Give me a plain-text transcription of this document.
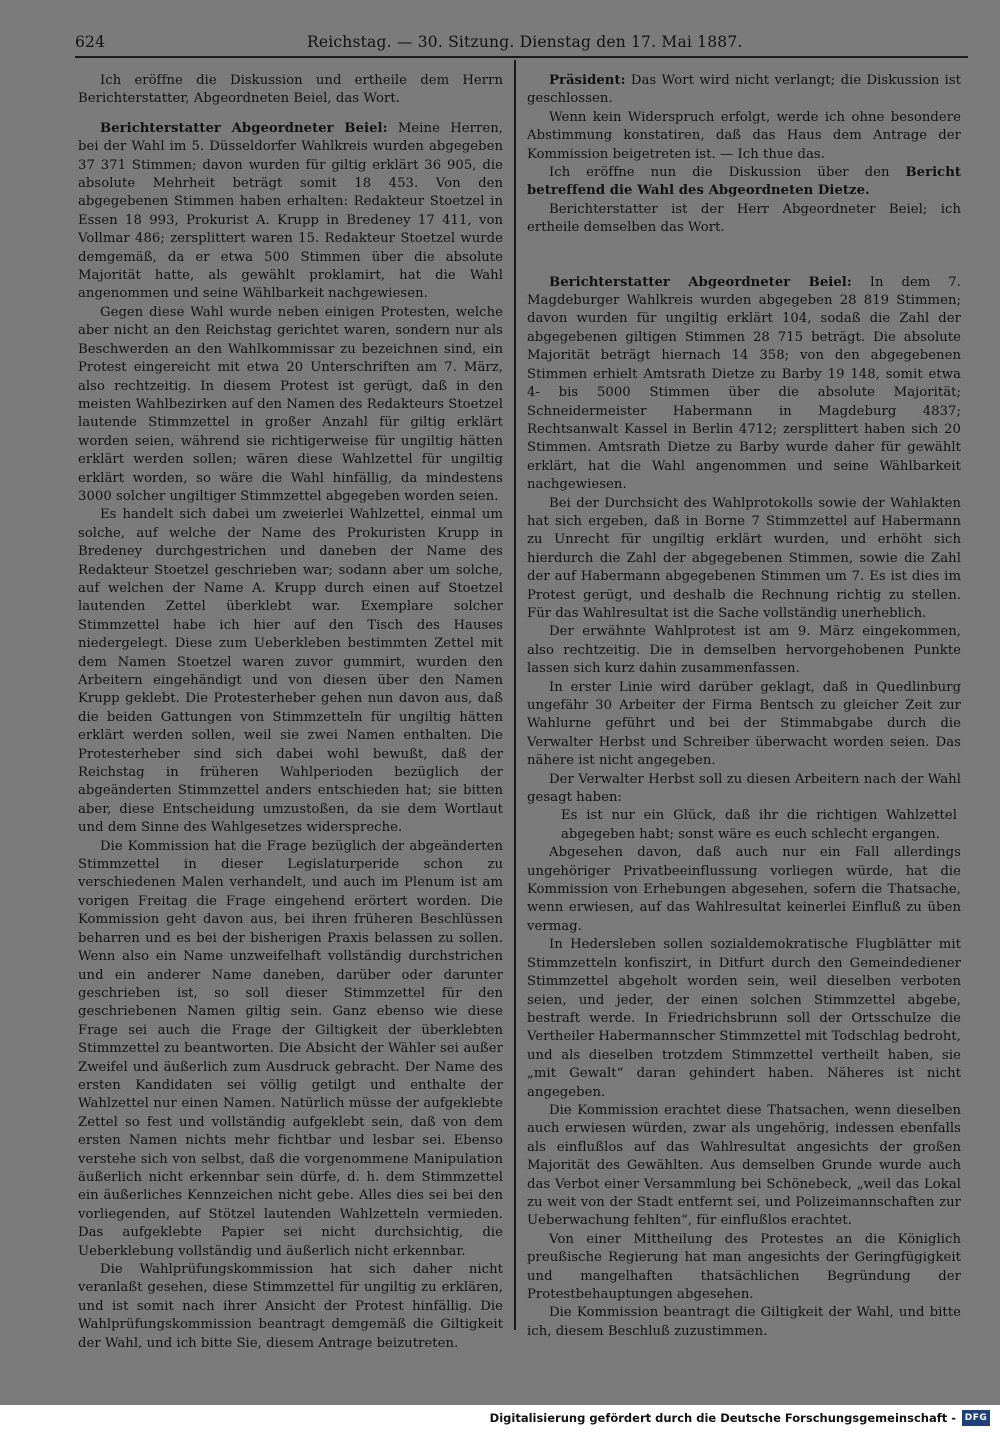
624	Reichstag. — 30. Sitzung. Dienstag den 17. Mai 1887.

Ich eröffne die Diskussion und ertheile dem Herrn Berichterstatter, Abgeordneten Beiel, das Wort.

Berichterstatter Abgeordneter Beiel: Meine Herren, bei der Wahl im 5. Düsseldorfer Wahlkreis wurden abgegeben 37 371 Stimmen; davon wurden für giltig erklärt 36 905, die absolute Mehrheit beträgt somit 18 453. Von den abgegebenen Stimmen haben erhalten: Redakteur Stoetzel in Essen 18 993, Prokurist A. Krupp in Bredeney 17 411, von Vollmar 486; zersplittert waren 15. Redakteur Stoetzel wurde demgemäß, da er etwa 500 Stimmen über die absolute Majorität hatte, als gewählt proklamirt, hat die Wahl angenommen und seine Wählbarkeit nachgewiesen.

Gegen diese Wahl wurde neben einigen Protesten, welche aber nicht an den Reichstag gerichtet waren, sondern nur als Beschwerden an den Wahlkommissar zu bezeichnen sind, ein Protest eingereicht mit etwa 20 Unterschriften am 7. März, also rechtzeitig. In diesem Protest ist gerügt, daß in den meisten Wahlbezirken auf den Namen des Redakteurs Stoetzel lautende Stimmzettel in großer Anzahl für giltig erklärt worden seien, während sie richtigerweise für ungiltig hätten erklärt werden sollen; wären diese Wahlzettel für ungiltig erklärt worden, so wäre die Wahl hinfällig, da mindestens 3000 solcher ungiltiger Stimmzettel abgegeben worden seien.

Es handelt sich dabei um zweierlei Wahlzettel, einmal um solche, auf welche der Name des Prokuristen Krupp in Bredeney durchgestrichen und daneben der Name des Redakteur Stoetzel geschrieben war; sodann aber um solche, auf welchen der Name A. Krupp durch einen auf Stoetzel lautenden Zettel überklebt war. Exemplare solcher Stimmzettel habe ich hier auf den Tisch des Hauses niedergelegt. Diese zum Ueberkleben bestimmten Zettel mit dem Namen Stoetzel waren zuvor gummirt, wurden den Arbeitern eingehändigt und von diesen über den Namen Krupp geklebt. Die Protesterheber gehen nun davon aus, daß die beiden Gattungen von Stimmzetteln für ungiltig hätten erklärt werden sollen, weil sie zwei Namen enthalten. Die Protesterheber sind sich dabei wohl bewußt, daß der Reichstag in früheren Wahlperioden bezüglich der abgeänderten Stimmzettel anders entschieden hat; sie bitten aber, diese Entscheidung umzustoßen, da sie dem Wortlaut und dem Sinne des Wahlgesetzes widerspreche.

Die Kommission hat die Frage bezüglich der abgeänderten Stimmzettel in dieser Legislaturperide schon zu verschiedenen Malen verhandelt, und auch im Plenum ist am vorigen Freitag die Frage eingehend erörtert worden. Die Kommission geht davon aus, bei ihren früheren Beschlüssen beharren und es bei der bisherigen Praxis belassen zu sollen. Wenn also ein Name unzweifelhaft vollständig durchstrichen und ein anderer Name daneben, darüber oder darunter geschrieben ist, so soll dieser Stimmzettel für den geschriebenen Namen giltig sein. Ganz ebenso wie diese Frage sei auch die Frage der Giltigkeit der überklebten Stimmzettel zu beantworten. Die Absicht der Wähler sei außer Zweifel und äußerlich zum Ausdruck gebracht. Der Name des ersten Kandidaten sei völlig getilgt und enthalte der Wahlzettel nur einen Namen. Natürlich müsse der aufgeklebte Zettel so fest und vollständig aufgeklebt sein, daß von dem ersten Namen nichts mehr fichtbar und lesbar sei. Ebenso verstehe sich von selbst, daß die vorgenommene Manipulation äußerlich nicht erkennbar sein dürfe, d. h. dem Stimmzettel ein äußerliches Kennzeichen nicht gebe. Alles dies sei bei den vorliegenden, auf Stötzel lautenden Wahlzetteln vermieden. Das aufgeklebte Papier sei nicht durchsichtig, die Ueberklebung vollständig und äußerlich nicht erkennbar.

Die Wahlprüfungskommission hat sich daher nicht veranlaßt gesehen, diese Stimmzettel für ungiltig zu erklären, und ist somit nach ihrer Ansicht der Protest hinfällig. Die Wahlprüfungskommission beantragt demgemäß die Giltigkeit der Wahl, und ich bitte Sie, diesem Antrage beizutreten.

Präsident: Das Wort wird nicht verlangt; die Diskussion ist geschlossen.

Wenn kein Widerspruch erfolgt, werde ich ohne besondere Abstimmung konstatiren, daß das Haus dem Antrage der Kommission beigetreten ist. — Ich thue das.

Ich eröffne nun die Diskussion über den Bericht betreffend die Wahl des Abgeordneten Dietze.

Berichterstatter ist der Herr Abgeordneter Beiel; ich ertheile demselben das Wort.

Berichterstatter Abgeordneter Beiel: In dem 7. Magdeburger Wahlkreis wurden abgegeben 28 819 Stimmen; davon wurden für ungiltig erklärt 104, sodaß die Zahl der abgegebenen giltigen Stimmen 28 715 beträgt. Die absolute Majorität beträgt hiernach 14 358; von den abgegebenen Stimmen erhielt Amtsrath Dietze zu Barby 19 148, somit etwa 4- bis 5000 Stimmen über die absolute Majorität; Schneidermeister Habermann in Magdeburg 4837; Rechtsanwalt Kassel in Berlin 4712; zersplittert haben sich 20 Stimmen. Amtsrath Dietze zu Barby wurde daher für gewählt erklärt, hat die Wahl angenommen und seine Wählbarkeit nachgewiesen.

Bei der Durchsicht des Wahlprotokolls sowie der Wahlakten hat sich ergeben, daß in Borne 7 Stimmzettel auf Habermann zu Unrecht für ungiltig erklärt wurden, und erhöht sich hierdurch die Zahl der abgegebenen Stimmen, sowie die Zahl der auf Habermann abgegebenen Stimmen um 7. Es ist dies im Protest gerügt, und deshalb die Rechnung richtig zu stellen. Für das Wahlresultat ist die Sache vollständig unerheblich.

Der erwähnte Wahlprotest ist am 9. März eingekommen, also rechtzeitig. Die in demselben hervorgehobenen Punkte lassen sich kurz dahin zusammenfassen.

In erster Linie wird darüber geklagt, daß in Quedlinburg ungefähr 30 Arbeiter der Firma Bentsch zu gleicher Zeit zur Wahlurne geführt und bei der Stimmabgabe durch die Verwalter Herbst und Schreiber überwacht worden seien. Das nähere ist nicht angegeben.

Der Verwalter Herbst soll zu diesen Arbeitern nach der Wahl gesagt haben:

Es ist nur ein Glück, daß ihr die richtigen Wahlzettel abgegeben habt; sonst wäre es euch schlecht ergangen.

Abgesehen davon, daß auch nur ein Fall allerdings ungehöriger Privatbeeinflussung vorliegen würde, hat die Kommission von Erhebungen abgesehen, sofern die Thatsache, wenn erwiesen, auf das Wahlresultat keinerlei Einfluß zu üben vermag.

In Hedersleben sollen sozialdemokratische Flugblätter mit Stimmzetteln konfiszirt, in Ditfurt durch den Gemeindediener Stimmzettel abgeholt worden sein, weil dieselben verboten seien, und jeder, der einen solchen Stimmzettel abgebe, bestraft werde. In Friedrichsbrunn soll der Ortsschulze die Vertheiler Habermannscher Stimmzettel mit Todschlag bedroht, und als dieselben trotzdem Stimmzettel vertheilt haben, sie „mit Gewalt“ daran gehindert haben. Näheres ist nicht angegeben.

Die Kommission erachtet diese Thatsachen, wenn dieselben auch erwiesen würden, zwar als ungehörig, indessen ebenfalls als einflußlos auf das Wahlresultat angesichts der großen Majorität des Gewählten. Aus demselben Grunde wurde auch das Verbot einer Versammlung bei Schönebeck, „weil das Lokal zu weit von der Stadt entfernt sei, und Polizeimannschaften zur Ueberwachung fehlten“, für einflußlos erachtet.

Von einer Mittheilung des Protestes an die Königlich preußische Regierung hat man angesichts der Geringfügigkeit und mangelhaften thatsächlichen Begründung der Protestbehauptungen abgesehen.

Die Kommission beantragt die Giltigkeit der Wahl, und bitte ich, diesem Beschluß zuzustimmen.

Digitalisierung gefördert durch die Deutsche Forschungsgemeinschaft - DFG
